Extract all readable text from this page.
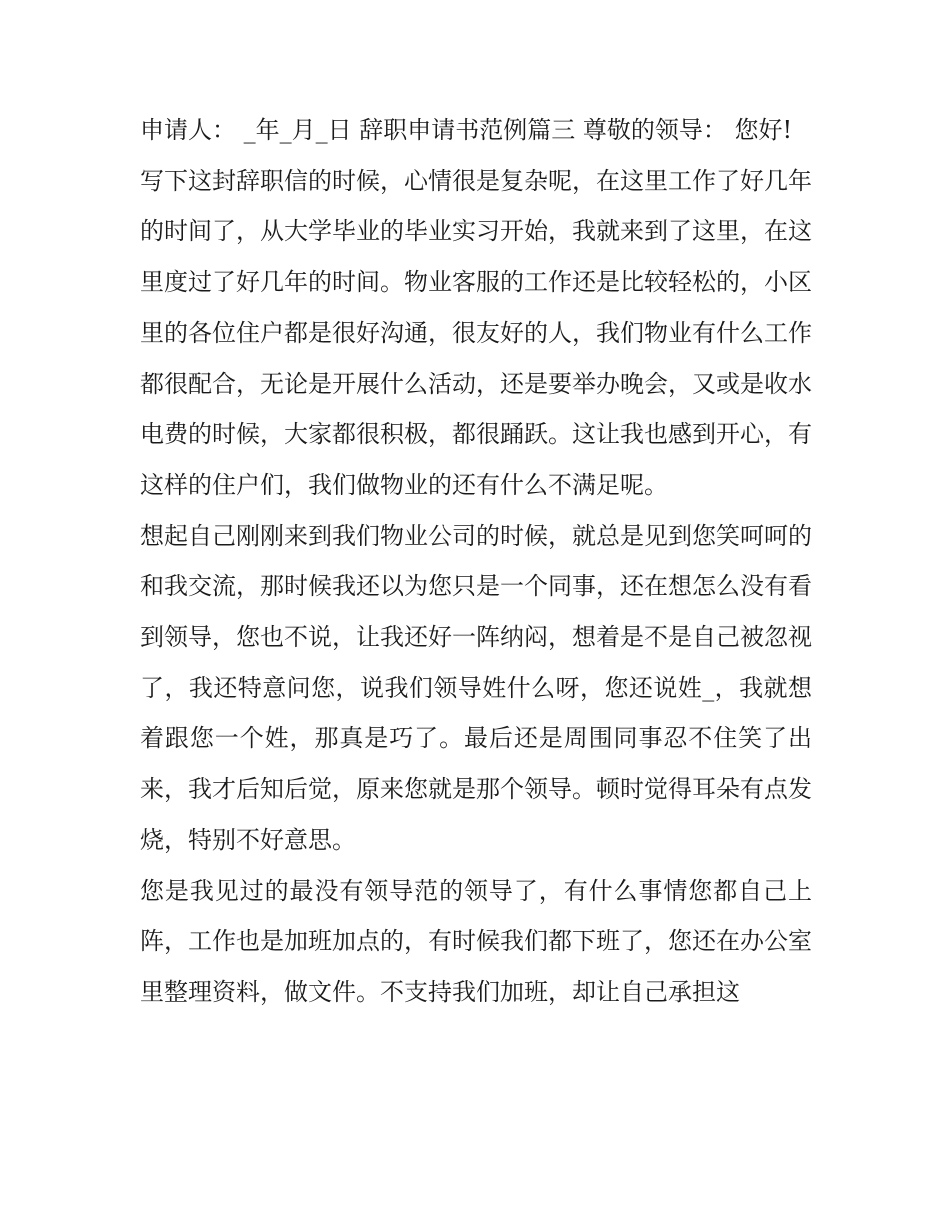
申请人： _年_月_日 辞职申请书范例篇三 尊敬的领导： 您好!

写下这封辞职信的时候，心情很是复杂呢，在这里工作了好几年的时间了，从大学毕业的毕业实习开始，我就来到了这里，在这里度过了好几年的时间。物业客服的工作还是比较轻松的，小区里的各位住户都是很好沟通，很友好的人，我们物业有什么工作都很配合，无论是开展什么活动，还是要举办晚会，又或是收水电费的时候，大家都很积极，都很踊跃。这让我也感到开心，有这样的住户们，我们做物业的还有什么不满足呢。

想起自己刚刚来到我们物业公司的时候，就总是见到您笑呵呵的和我交流，那时候我还以为您只是一个同事，还在想怎么没有看到领导，您也不说，让我还好一阵纳闷，想着是不是自己被忽视了，我还特意问您，说我们领导姓什么呀，您还说姓_，我就想着跟您一个姓，那真是巧了。最后还是周围同事忍不住笑了出来，我才后知后觉，原来您就是那个领导。顿时觉得耳朵有点发烧，特别不好意思。

您是我见过的最没有领导范的领导了，有什么事情您都自己上阵，工作也是加班加点的，有时候我们都下班了，您还在办公室里整理资料，做文件。不支持我们加班，却让自己承担这
